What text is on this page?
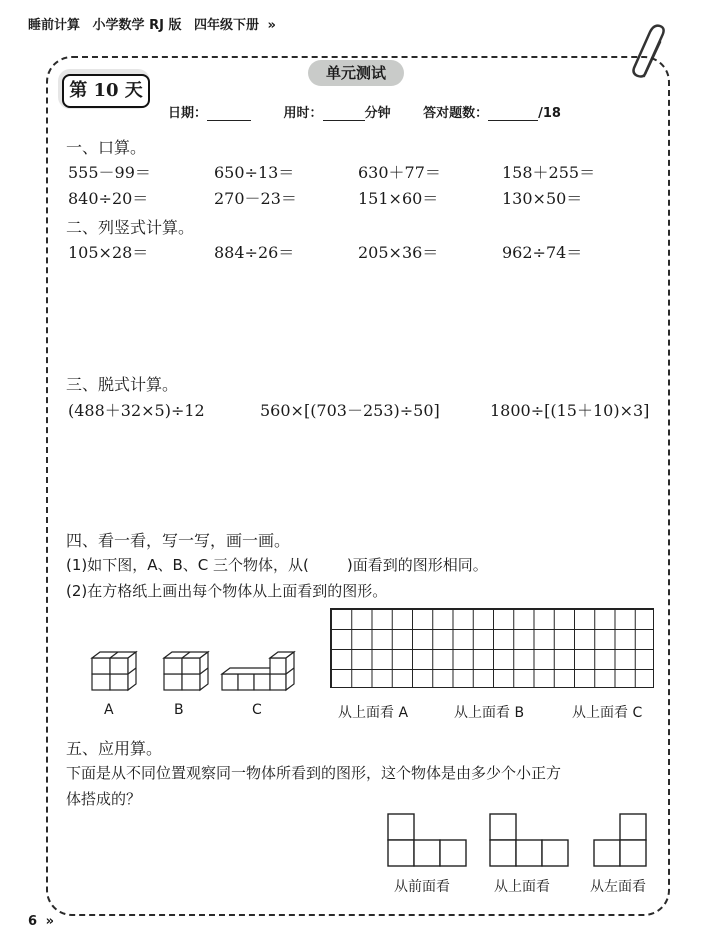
睡前计算 小学数学 RJ 版 四年级下册 »
单元测试
第 10 天
日期：	用时：	分钟	答对题数：	/18
一、口算。
555－99＝	650÷13＝	630＋77＝	158＋255＝
840÷20＝	270－23＝	151×60＝	130×50＝
二、列竖式计算。
105×28＝	884÷26＝	205×36＝	962÷74＝
三、脱式计算。
(488＋32×5)÷12	560×[(703－253)÷50]	1800÷[(15＋10)×3]
四、看一看，写一写，画一画。
(1)如下图，A、B、C 三个物体，从(	)面看到的图形相同。
(2)在方格纸上画出每个物体从上面看到的图形。
A	B	C	从上面看 A	从上面看 B	从上面看 C
五、应用算。
下面是从不同位置观察同一物体所看到的图形，这个物体是由多少个小正方
体搭成的？
从前面看	从上面看	从左面看
6 »
